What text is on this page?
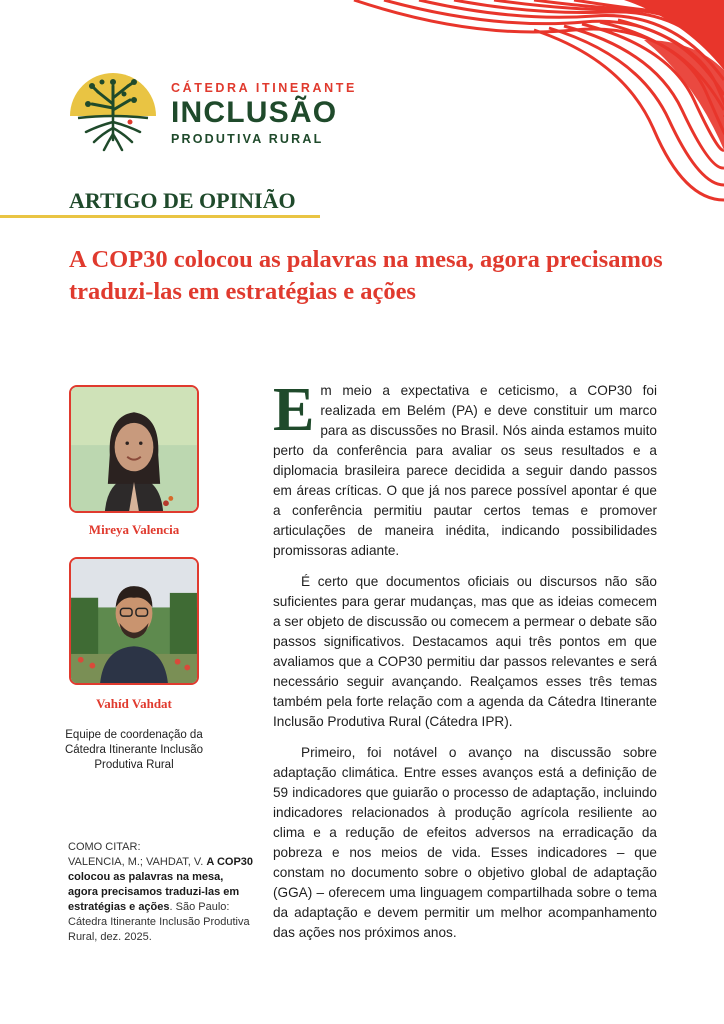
CÁTEDRA ITINERANTE
INCLUSÃO
PRODUTIVA RURAL
ARTIGO DE OPINIÃO
A COP30 colocou as palavras na mesa, agora precisamos traduzi-las em estratégias e ações
Mireya Valencia
Vahíd Vahdat
Equipe de coordenação da Cátedra Itinerante Inclusão Produtiva Rural
COMO CITAR:
VALENCIA, M.; VAHDAT, V. A COP30 colocou as palavras na mesa, agora precisamos traduzi-las em estratégias e ações. São Paulo: Cátedra Itinerante Inclusão Produtiva Rural, dez. 2025.

Em meio a expectativa e ceticismo, a COP30 foi realizada em Belém (PA) e deve constituir um marco para as discussões no Brasil. Nós ainda estamos muito perto da conferência para avaliar os seus resultados e a diplomacia brasileira parece decidida a seguir dando passos em áreas críticas. O que já nos parece possível apontar é que a conferência permitiu pautar certos temas e promover articulações de maneira inédita, indicando possibilidades promissoras adiante.

É certo que documentos oficiais ou discursos não são suficientes para gerar mudanças, mas que as ideias comecem a ser objeto de discussão ou comecem a permear o debate são passos significativos. Destacamos aqui três pontos em que avaliamos que a COP30 permitiu dar passos relevantes e será necessário seguir avançando. Realçamos esses três temas também pela forte relação com a agenda da Cátedra Itinerante Inclusão Produtiva Rural (Cátedra IPR).

Primeiro, foi notável o avanço na discussão sobre adaptação climática. Entre esses avanços está a definição de 59 indicadores que guiarão o processo de adaptação, incluindo indicadores relacionados à produção agrícola resiliente ao clima e a redução de efeitos adversos na erradicação da pobreza e nos meios de vida. Esses indicadores – que constam no documento sobre o objetivo global de adaptação (GGA) – oferecem uma linguagem compartilhada sobre o tema da adaptação e devem permitir um melhor acompanhamento das ações nos próximos anos.
